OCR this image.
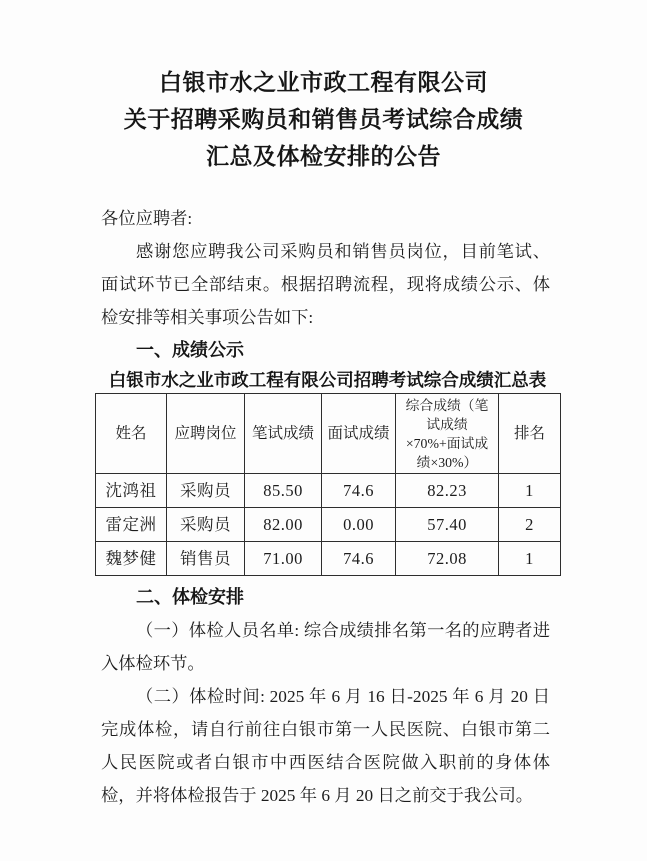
白银市水之业市政工程有限公司
关于招聘采购员和销售员考试综合成绩
汇总及体检安排的公告

各位应聘者:

感谢您应聘我公司采购员和销售员岗位，目前笔试、面试环节已全部结束。根据招聘流程，现将成绩公示、体检安排等相关事项公告如下:

一、成绩公示
白银市水之业市政工程有限公司招聘考试综合成绩汇总表
姓名	应聘岗位	笔试成绩	面试成绩	综合成绩（笔试成绩×70%+面试成绩×30%）	排名
沈鸿祖	采购员	85.50	74.6	82.23	1
雷定洲	采购员	82.00	0.00	57.40	2
魏梦健	销售员	71.00	74.6	72.08	1
二、体检安排

（一）体检人员名单: 综合成绩排名第一名的应聘者进入体检环节。

（二）体检时间: 2025 年 6 月 16 日-2025 年 6 月 20 日完成体检，请自行前往白银市第一人民医院、白银市第二人民医院或者白银市中西医结合医院做入职前的身体体检，并将体检报告于 2025 年 6 月 20 日之前交于我公司。
